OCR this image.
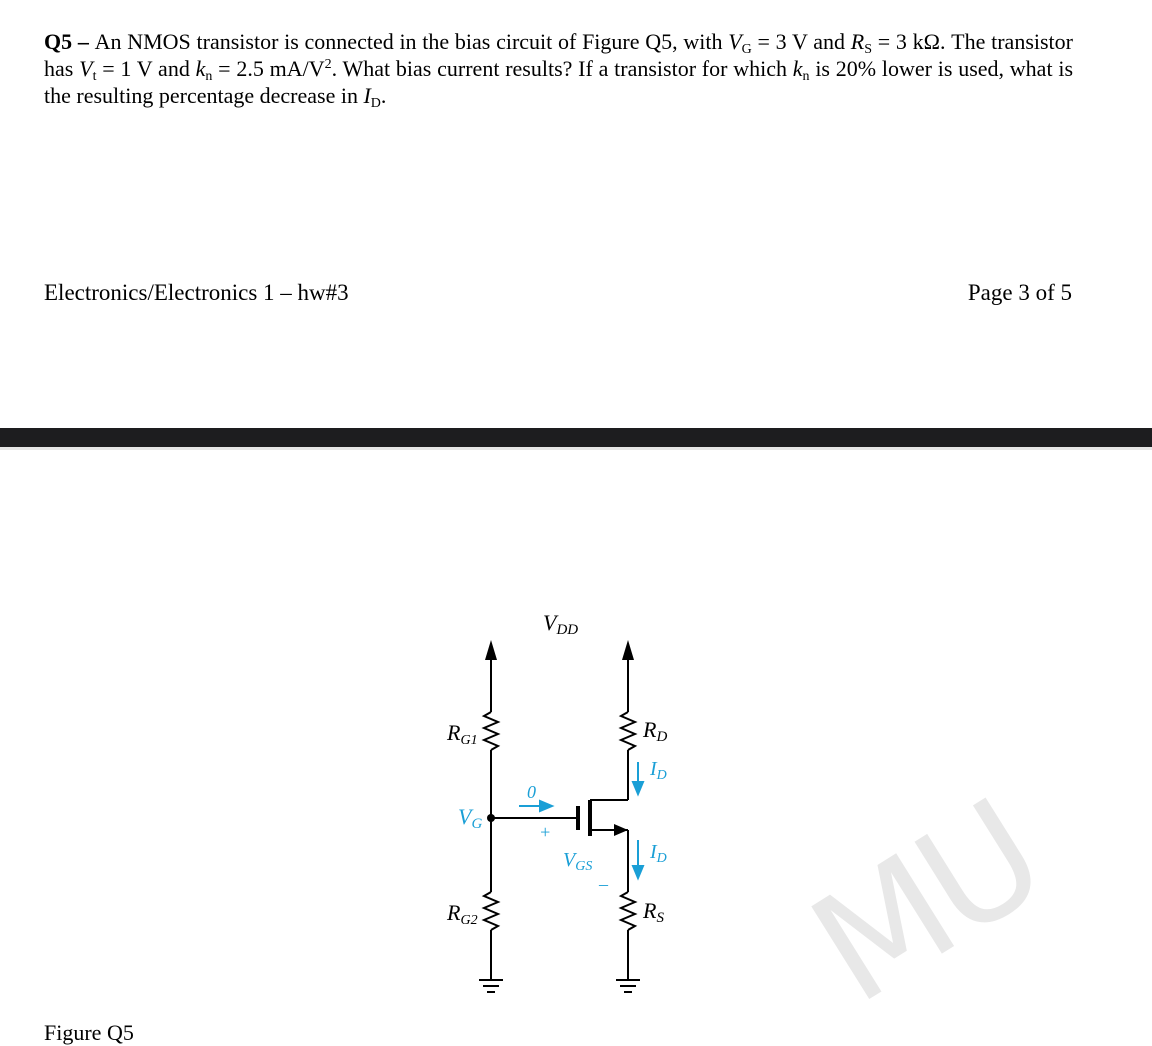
Q5 – An NMOS transistor is connected in the bias circuit of Figure Q5, with $V_G = 3$ V and $R_S = 3$ kΩ. The transistor has $V_t = 1$ V and $k_n = 2.5$ $mA/V^2$. What bias current results? If a transistor for which $k_n$ is 20% lower is used, what is the resulting percentage decrease in $I_D$.

Electronics/Electronics 1 – hw#3	Page 3 of 5
VDD
RG1
RG2
VG
RD
RS
$I_D$
$I_D$
0
+
$V_{GS}$
– MU
Figure Q5
